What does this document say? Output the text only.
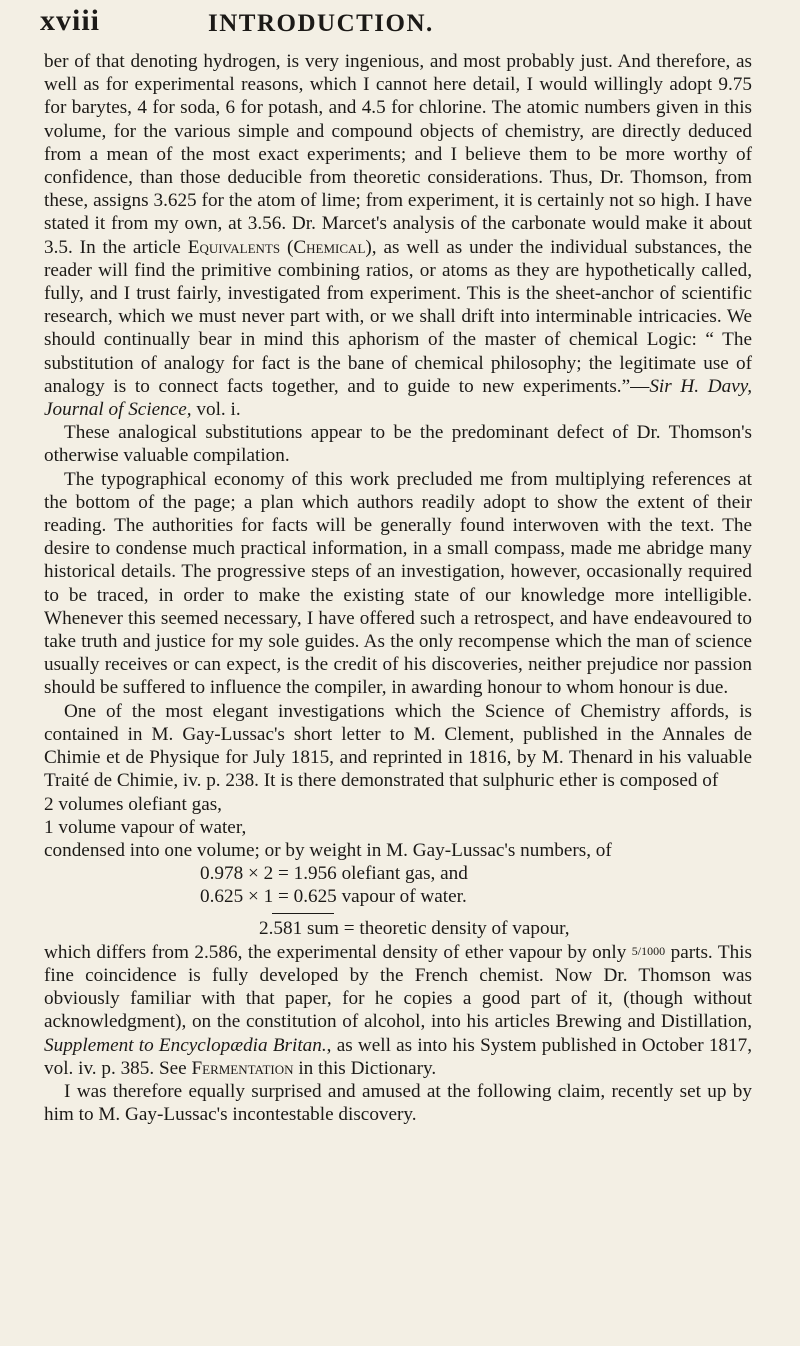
xviii	INTRODUCTION.

ber of that denoting hydrogen, is very ingenious, and most probably just. And therefore, as well as for experimental reasons, which I cannot here detail, I would willingly adopt 9.75 for barytes, 4 for soda, 6 for potash, and 4.5 for chlorine. The atomic numbers given in this volume, for the various simple and compound objects of chemistry, are directly deduced from a mean of the most exact experiments; and I believe them to be more worthy of confidence, than those deducible from theoretic considerations. Thus, Dr. Thomson, from these, assigns 3.625 for the atom of lime; from experiment, it is certainly not so high. I have stated it from my own, at 3.56. Dr. Marcet's analysis of the carbonate would make it about 3.5. In the article Equivalents (Chemical), as well as under the individual substances, the reader will find the primitive combining ratios, or atoms as they are hypothetically called, fully, and I trust fairly, investigated from experiment. This is the sheet-anchor of scientific research, which we must never part with, or we shall drift into interminable intricacies. We should continually bear in mind this aphorism of the master of chemical Logic: “ The substitution of analogy for fact is the bane of chemical philosophy; the legitimate use of analogy is to connect facts together, and to guide to new experiments.”—Sir H. Davy, Journal of Science, vol. i.

These analogical substitutions appear to be the predominant defect of Dr. Thomson's otherwise valuable compilation.

The typographical economy of this work precluded me from multiplying references at the bottom of the page; a plan which authors readily adopt to show the extent of their reading. The authorities for facts will be generally found interwoven with the text. The desire to condense much practical information, in a small compass, made me abridge many historical details. The progressive steps of an investigation, however, occasionally required to be traced, in order to make the existing state of our knowledge more intelligible. Whenever this seemed necessary, I have offered such a retrospect, and have endeavoured to take truth and justice for my sole guides. As the only recompense which the man of science usually receives or can expect, is the credit of his discoveries, neither prejudice nor passion should be suffered to influence the compiler, in awarding honour to whom honour is due.

One of the most elegant investigations which the Science of Chemistry affords, is contained in M. Gay-Lussac's short letter to M. Clement, published in the Annales de Chimie et de Physique for July 1815, and reprinted in 1816, by M. Thenard in his valuable Traité de Chimie, iv. p. 238. It is there demonstrated that sulphuric ether is composed of

2 volumes olefiant gas,

1 volume vapour of water,

condensed into one volume; or by weight in M. Gay-Lussac's numbers, of

0.978 × 2 = 1.956 olefiant gas, and

0.625 × 1 = 0.625 vapour of water.

2.581 sum = theoretic density of vapour,

which differs from 2.586, the experimental density of ether vapour by only 5/1000 parts. This fine coincidence is fully developed by the French chemist. Now Dr. Thomson was obviously familiar with that paper, for he copies a good part of it, (though without acknowledgment), on the constitution of alcohol, into his articles Brewing and Distillation, Supplement to Encyclopædia Britan., as well as into his System published in October 1817, vol. iv. p. 385. See Fermentation in this Dictionary.

I was therefore equally surprised and amused at the following claim, recently set up by him to M. Gay-Lussac's incontestable discovery.
